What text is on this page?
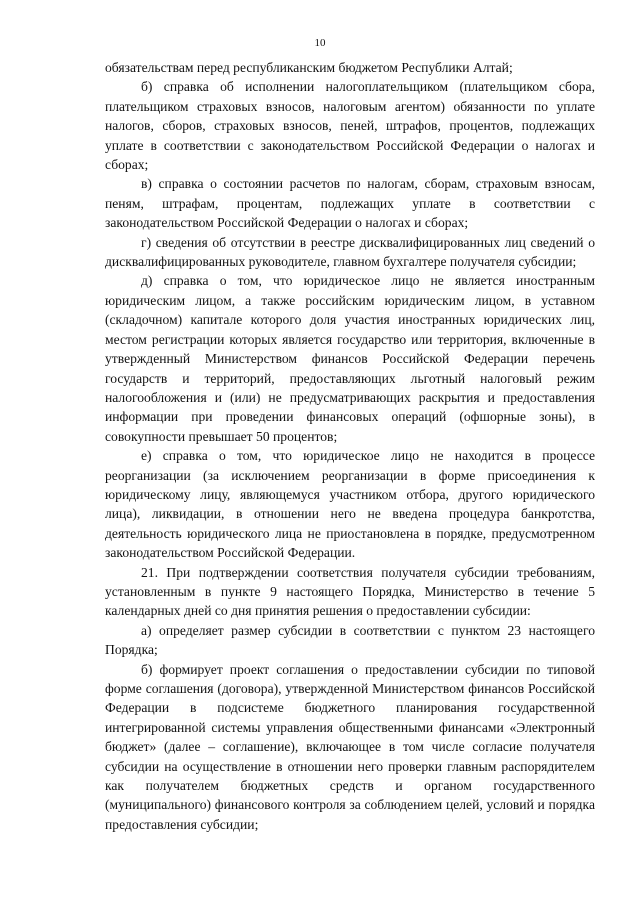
10

обязательствам перед республиканским бюджетом Республики Алтай;

б) справка об исполнении налогоплательщиком (плательщиком сбора, плательщиком страховых взносов, налоговым агентом) обязанности по уплате налогов, сборов, страховых взносов, пеней, штрафов, процентов, подлежащих уплате в соответствии с законодательством Российской Федерации о налогах и сборах;

в) справка о состоянии расчетов по налогам, сборам, страховым взносам, пеням, штрафам, процентам, подлежащих уплате в соответствии с законодательством Российской Федерации о налогах и сборах;

г) сведения об отсутствии в реестре дисквалифицированных лиц сведений о дисквалифицированных руководителе, главном бухгалтере получателя субсидии;

д) справка о том, что юридическое лицо не является иностранным юридическим лицом, а также российским юридическим лицом, в уставном (складочном) капитале которого доля участия иностранных юридических лиц, местом регистрации которых является государство или территория, включенные в утвержденный Министерством финансов Российской Федерации перечень государств и территорий, предоставляющих льготный налоговый режим налогообложения и (или) не предусматривающих раскрытия и предоставления информации при проведении финансовых операций (офшорные зоны), в совокупности превышает 50 процентов;

е) справка о том, что юридическое лицо не находится в процессе реорганизации (за исключением реорганизации в форме присоединения к юридическому лицу, являющемуся участником отбора, другого юридического лица), ликвидации, в отношении него не введена процедура банкротства, деятельность юридического лица не приостановлена в порядке, предусмотренном законодательством Российской Федерации.

21. При подтверждении соответствия получателя субсидии требованиям, установленным в пункте 9 настоящего Порядка, Министерство в течение 5 календарных дней со дня принятия решения о предоставлении субсидии:

а) определяет размер субсидии в соответствии с пунктом 23 настоящего Порядка;

б) формирует проект соглашения о предоставлении субсидии по типовой форме соглашения (договора), утвержденной Министерством финансов Российской Федерации в подсистеме бюджетного планирования государственной интегрированной системы управления общественными финансами «Электронный бюджет» (далее – соглашение), включающее в том числе согласие получателя субсидии на осуществление в отношении него проверки главным распорядителем как получателем бюджетных средств и органом государственного (муниципального) финансового контроля за соблюдением целей, условий и порядка предоставления субсидии;
